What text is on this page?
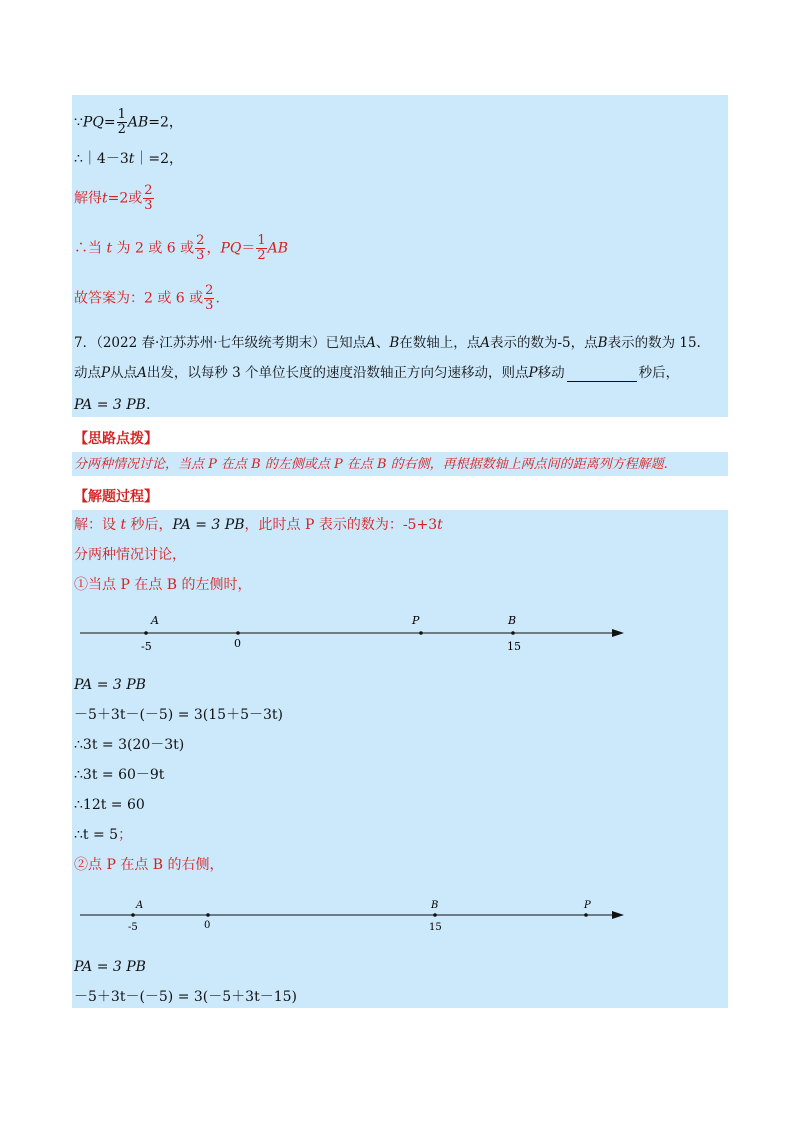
∵PQ= $\frac{1}{2} AB=2$，
∴｜4－3t｜=2，
解得t=2或 $\frac{2}{3}$
∴当 t 为 2 或 6 或 $\frac{2}{3}$ ，$PQ= \frac{1}{2}$ AB
故答案为：2 或 6 或 $\frac{2}{3}$ .
7．（2022 春·江苏苏州·七年级统考期末）已知点A、B在数轴上，点A表示的数为-5，点B表示的数为 15.
动点P从点A出发，以每秒 3 个单位长度的速度沿数轴正方向匀速移动，则点P移动	秒后，
PA = 3 PB.
【思路点拨】
分两种情况讨论，当点 P 在点 B 的左侧或点 P 在点 B 的右侧，再根据数轴上两点间的距离列方程解题.
【解题过程】
解：设 t 秒后，PA = 3 PB，此时点 P 表示的数为：-5+3t
分两种情况讨论，
①当点 P 在点 B 的左侧时，
A	P	B
-5	0	15
PA = 3 PB
－5＋3t－(－5) = 3(15＋5－3t)
∴3t = 3(20－3t)
∴3t = 60－9t
∴12t = 60
∴t = 5；
②点 P 在点 B 的右侧，
A	B	P
-5	0	15
PA = 3 PB
－5＋3t－(－5) = 3(－5＋3t－15)
